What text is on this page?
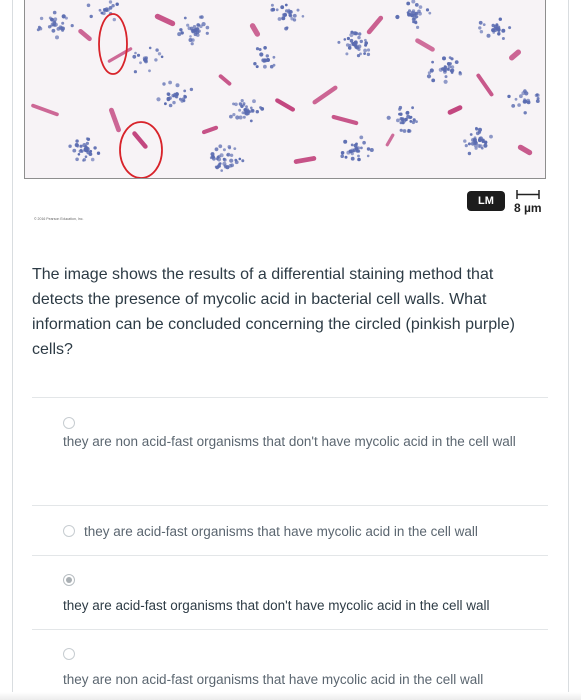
LM	8 µm
© 2016 Pearson Education, Inc.
The image shows the results of a differential staining method that detects the presence of mycolic acid in bacterial cell walls. What information can be concluded concerning the circled (pinkish purple) cells?
they are non acid-fast organisms that don't have mycolic acid in the cell wall
they are acid-fast organisms that have mycolic acid in the cell wall
they are acid-fast organisms that don't have mycolic acid in the cell wall
they are non acid-fast organisms that have mycolic acid in the cell wall
